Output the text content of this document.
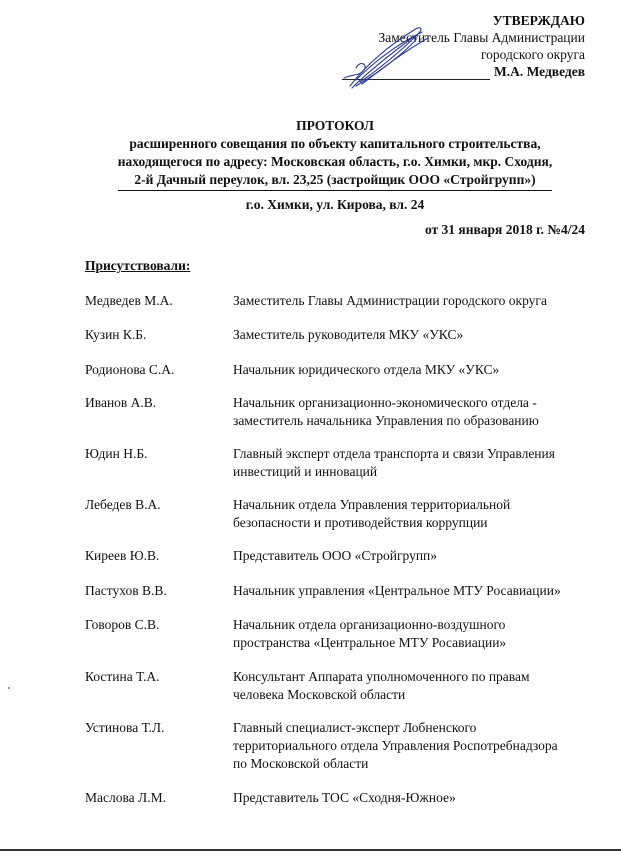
УТВЕРЖДАЮ
Заместитель Главы Администрации
городского округа
М.А. Медведев
ПРОТОКОЛ
расширенного совещания по объекту капитального строительства,
находящегося по адресу: Московская область, г.о. Химки, мкр. Сходня,
2-й Дачный переулок, вл. 23,25 (застройщик ООО «Стройгрупп»)
г.о. Химки, ул. Кирова, вл. 24
от 31 января 2018 г. №4/24
Присутствовали:
Медведев М.А.	Заместитель Главы Администрации городского округа
Кузин К.Б.	Заместитель руководителя МКУ «УКС»
Родионова С.А.	Начальник юридического отдела МКУ «УКС»
Иванов А.В.	Начальник организационно-экономического отдела -
заместитель начальника Управления по образованию
Юдин Н.Б.	Главный эксперт отдела транспорта и связи Управления
инвестиций и инноваций
Лебедев В.А.	Начальник отдела Управления территориальной
безопасности и противодействия коррупции
Киреев Ю.В.	Представитель ООО «Стройгрупп»
Пастухов В.В.	Начальник управления «Центральное МТУ Росавиации»
Говоров С.В.	Начальник отдела организационно-воздушного
пространства «Центральное МТУ Росавиации»
Костина Т.А.	Консультант Аппарата уполномоченного по правам
человека Московской области
Устинова Т.Л.	Главный специалист-эксперт Лобненского
территориального отдела Управления Роспотребнадзора
по Московской области
Маслова Л.М.	Представитель ТОС «Сходня-Южное»
